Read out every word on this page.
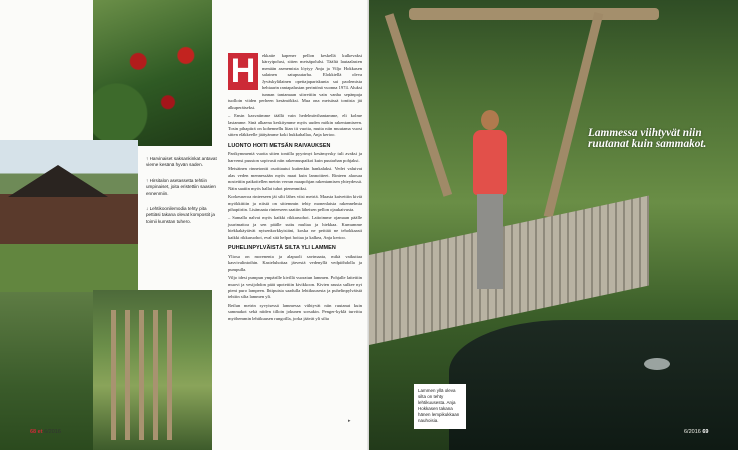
↑ Harvinaiset saksankinkat antavat vieme kesänä hyvän saden.

↑ Hirsitalon asetassetta tehtiin umpinaiset, joita eristettiin saasien ennenmiin.

↓ Lehtikoonilemodia tehty pita pettiäsi takana olevat kompostit ja toimii kumstan tuhero.

H	ekkatie kapener pellon keskellä kulkevaksi kärryipolusi, sitten metsäpolulsi. Täältä lautaalasten menään asenemista löytyy Anja ja Viljo Hokkasen salainen satupuutarha. Elokkiellä oleva Jyväskylälainen opettajapariskunta sai paolemista hehtaarin rantapalustan perintönä vuonna 1974. Aluksi tunnan tantamaan siirrettiin vain vanha sepänpaja tuolloin viiden perheen kesämökksi. Mua ona metsässä tontista jäi alkuperäiseksi.

– Ensin kasvatimme täällä vain hedelmävihantamme, eli kolme lastamme. Sinä alkaena keskitymme myös uuden mökin rakentamiseen. Tosin pihapiirä on kohennellu liian tit vuotta, mutta niin muutama vuosi sitten eläkkeelle jäätyämme koki hukkahallaa, Anja kertoo.

LUONTO HOITI METSÄN RAIVAUKSEN

Parikymmentä vuotta sitten tontilla pyyrimyt kesämyrsky tuli avaksi ja harvensi puuston sopivasti niin rakennuspaikoi kuin puutarhan pohjaksi.

Metsäinen rinnetontti osoittautui kuitenkin hankalaksi. Vedet valuivat alas veden mennessään myös maat kuin lannoitteet. Rinteen alaosaa nostettiin paikoitellen metrin verran maapohjan rakentamisen yhteydessä. Näin saatiin myös hallat tuhot pienenmiksi.

Korkeuseroa rinteeseen jäi silti lähes viisi metriä. Maasta kaivettiin kiviä myökkittiin ja niistä on sittemmin tehty monenlaisia rakennelmia pihapiiriin. Lisämaata rinteeseen saatiin läheisen pellon ojaukaivusta.

– Samalla nalvat myös kaikki rikkaruohot. Laitoimme ojamaan päälle juurimattoa ja sen päälle suttu multaa ja hiekkaa. Kumumme hiekkakäytävät nytsenkorkkyisiäni, koska ne peittää ne tehokkaasti kaikki rikkaruohot, eval sitä helpot hoitaa ja kalkea, Anja kertoo.

PUHELINPYLVÄISTÄ SILTA YLI LAMMEN

Yliosa on morenenta ja alapuoli savimaata, mikä vaikuttaa kasvivalintoihin. Kasteluhoitaa järvestä vedenyllä vedpiöhdolla ja pumpulla.

Viljo idesi pumpun ympärille kivillä vuoratun lammen. Pohjalle laitettiin muovi ja vesijohdon päät upotettiin kivikkoon. Kivien rausta sulkee nyt pieni puro lampeen. Ihtipuista saadulla lehtikuusesta ja puhelinpylväistä tehtiin silta lammen yli.

Reilun metrin syvyisessä lammessa viihtyvät niin ruutanat kuin sammakot sekä niiden tilloin jokunen sorsakin. Penger-kyklä turvittu myöhemmin lehtikuusen rungoilla, jorka jäävät yli silta

68 et 6/2016
▸
Lammessa viihtyvät niin ruutanat kuin sammakot.
Lammen yllä oleva silta on tehty lehtikuusesta. Anja Hokkasen takana hänen lempikukkaan nauhoisia.
6/2016 69
